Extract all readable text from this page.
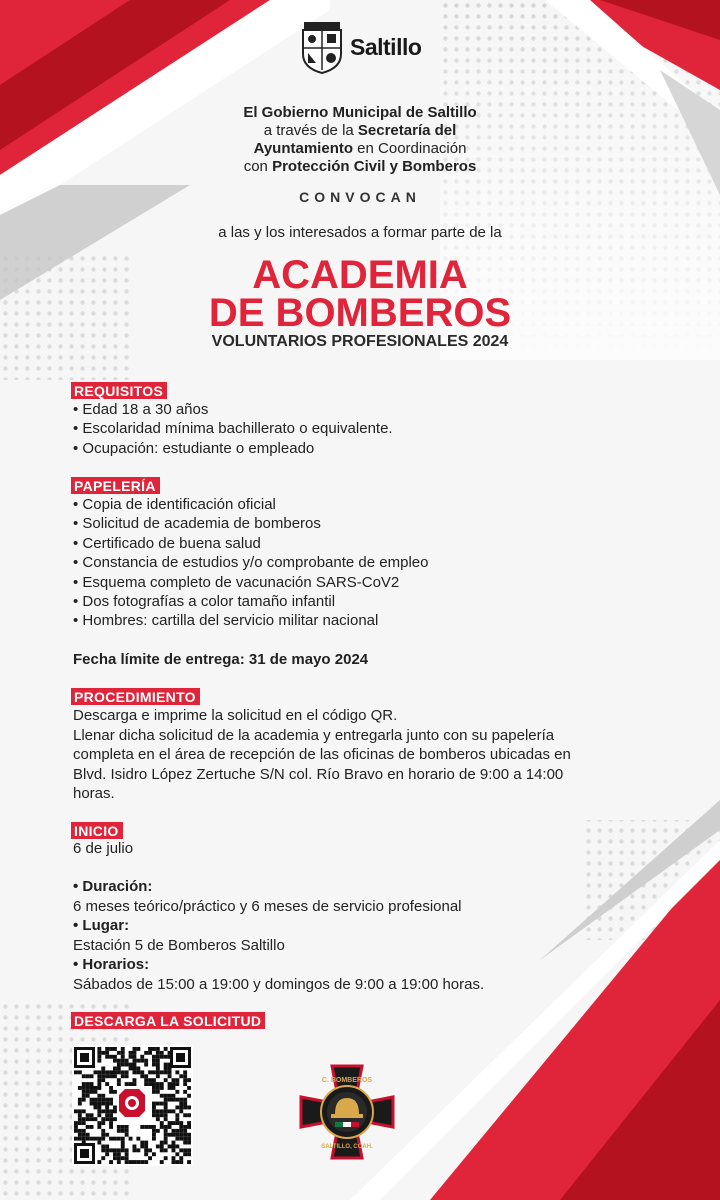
Saltillo
El Gobierno Municipal de Saltillo
a través de la Secretaría del
Ayuntamiento en Coordinación
con Protección Civil y Bomberos
CONVOCAN
a las y los interesados a formar parte de la
ACADEMIA
DE BOMBEROS
VOLUNTARIOS PROFESIONALES 2024
REQUISITOS
• Edad 18 a 30 años
• Escolaridad mínima bachillerato o equivalente.
• Ocupación: estudiante o empleado
PAPELERÍA
• Copia de identificación oficial
• Solicitud de academia de bomberos
• Certificado de buena salud
• Constancia de estudios y/o comprobante de empleo
• Esquema completo de vacunación SARS-CoV2
• Dos fotografías a color tamaño infantil
• Hombres: cartilla del servicio militar nacional
Fecha límite de entrega: 31 de mayo 2024
PROCEDIMIENTO
Descarga e imprime la solicitud en el código QR.
Llenar dicha solicitud de la academia y entregarla junto con su papelería
completa en el área de recepción de las oficinas de bomberos ubicadas en
Blvd. Isidro López Zertuche S/N col. Río Bravo en horario de 9:00 a 14:00
horas.
INICIO
6 de julio
• Duración:
6 meses teórico/práctico y 6 meses de servicio profesional
• Lugar:
Estación 5 de Bomberos Saltillo
• Horarios:
Sábados de 15:00 a 19:00 y domingos de 9:00 a 19:00 horas.
DESCARGA LA SOLICITUD
C. BOMBEROS
SALTILLO, COAH.
